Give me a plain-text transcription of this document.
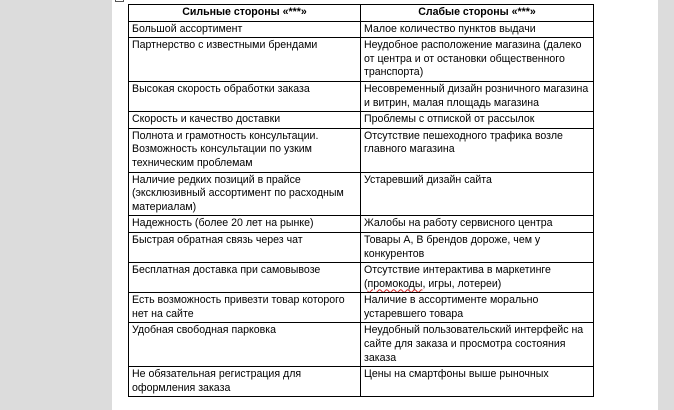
Сильные стороны «***»	Слабые стороны «***»
Большой ассортимент	Малое количество пунктов выдачи
Партнерство с известными брендами	Неудобное расположение магазина (далеко от центра и от остановки общественного транспорта)
Высокая скорость обработки заказа	Несовременный дизайн розничного магазина и витрин, малая площадь магазина
Скорость и качество доставки	Проблемы с отпиской от рассылок
Полнота и грамотность консультации. Возможность консультации по узким техническим проблемам	Отсутствие пешеходного трафика возле главного магазина
Наличие редких позиций в прайсе (эксклюзивный ассортимент по расходным материалам)	Устаревший дизайн сайта
Надежность (более 20 лет на рынке)	Жалобы на работу сервисного центра
Быстрая обратная связь через чат	Товары А, В брендов дороже, чем у конкурентов
Бесплатная доставка при самовывозе	Отсутствие интерактива в маркетинге (промокоды, игры, лотереи)
Есть возможность привезти товар которого нет на сайте	Наличие в ассортименте морально устаревшего товара
Удобная свободная парковка	Неудобный пользовательский интерфейс на сайте для заказа и просмотра состояния заказа
Не обязательная регистрация для оформления заказа	Цены на смартфоны выше рыночных
